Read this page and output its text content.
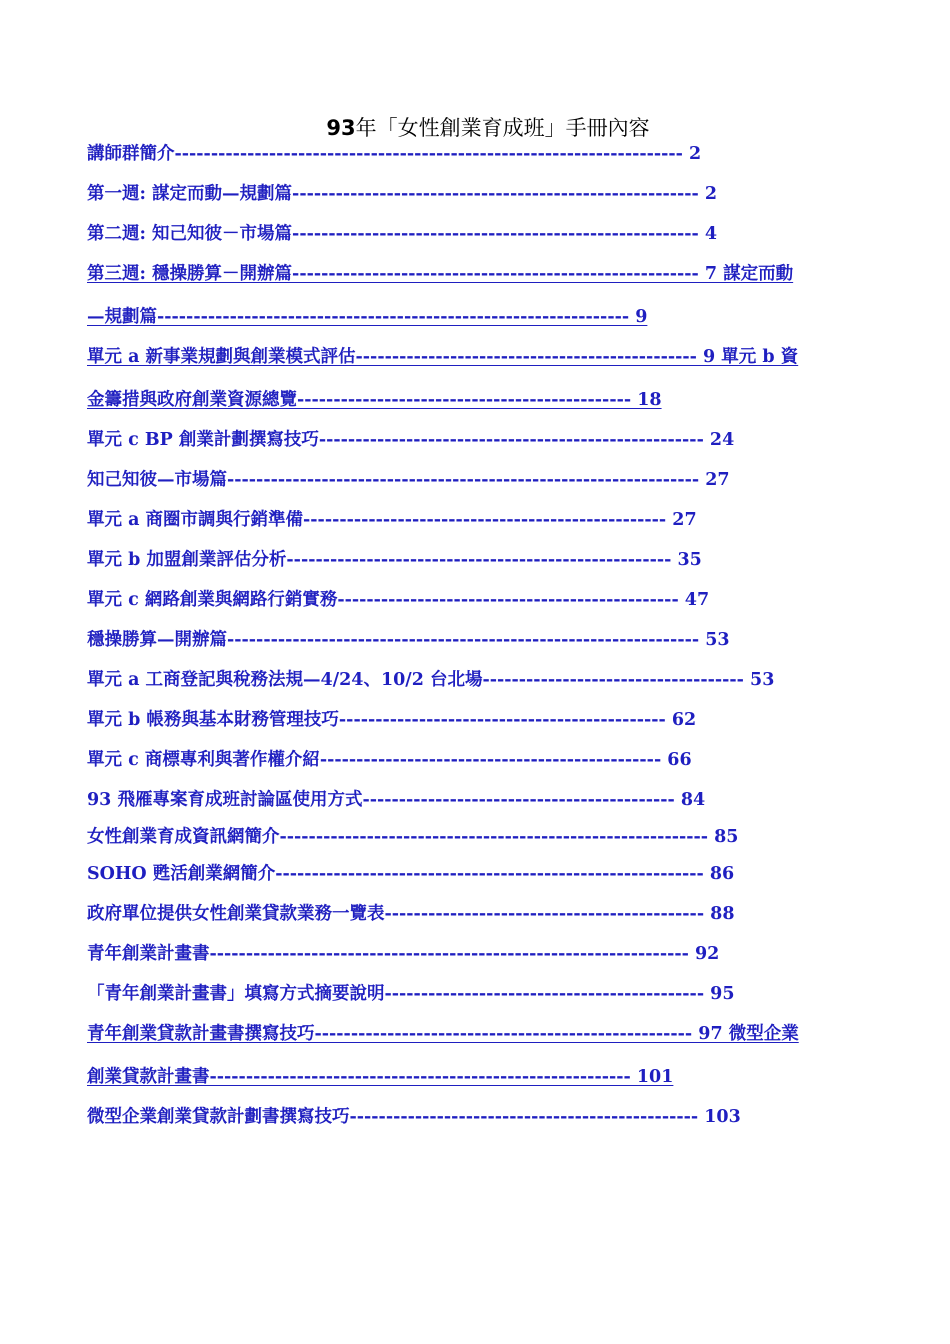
93年「女性創業育成班」手冊內容
講師群簡介---------------------------------------------------------------------- 2
第一週: 謀定而動—規劃篇-------------------------------------------------------- 2
第二週: 知己知彼－市場篇-------------------------------------------------------- 4
第三週: 穩操勝算－開辦篇-------------------------------------------------------- 7 謀定而動
—規劃篇----------------------------------------------------------------- 9
單元 a 新事業規劃與創業模式評估----------------------------------------------- 9 單元 b 資
金籌措與政府創業資源總覽---------------------------------------------- 18
單元 c BP 創業計劃撰寫技巧----------------------------------------------------- 24
知己知彼—市場篇----------------------------------------------------------------- 27
單元 a 商圈市調與行銷準備-------------------------------------------------- 27
單元 b 加盟創業評估分析----------------------------------------------------- 35
單元 c 網路創業與網路行銷實務----------------------------------------------- 47
穩操勝算—開辦篇----------------------------------------------------------------- 53
單元 a 工商登記與稅務法規—4/24、10/2 台北場------------------------------------ 53
單元 b 帳務與基本財務管理技巧--------------------------------------------- 62
單元 c 商標專利與著作權介紹----------------------------------------------- 66
93 飛雁專案育成班討論區使用方式------------------------------------------- 84
女性創業育成資訊網簡介----------------------------------------------------------- 85
SOHO 甦活創業網簡介----------------------------------------------------------- 86
政府單位提供女性創業貸款業務一覽表-------------------------------------------- 88
青年創業計畫書------------------------------------------------------------------ 92
「青年創業計畫書」填寫方式摘要說明-------------------------------------------- 95
青年創業貸款計畫書撰寫技巧---------------------------------------------------- 97 微型企業
創業貸款計畫書---------------------------------------------------------- 101
微型企業創業貸款計劃書撰寫技巧------------------------------------------------ 103
